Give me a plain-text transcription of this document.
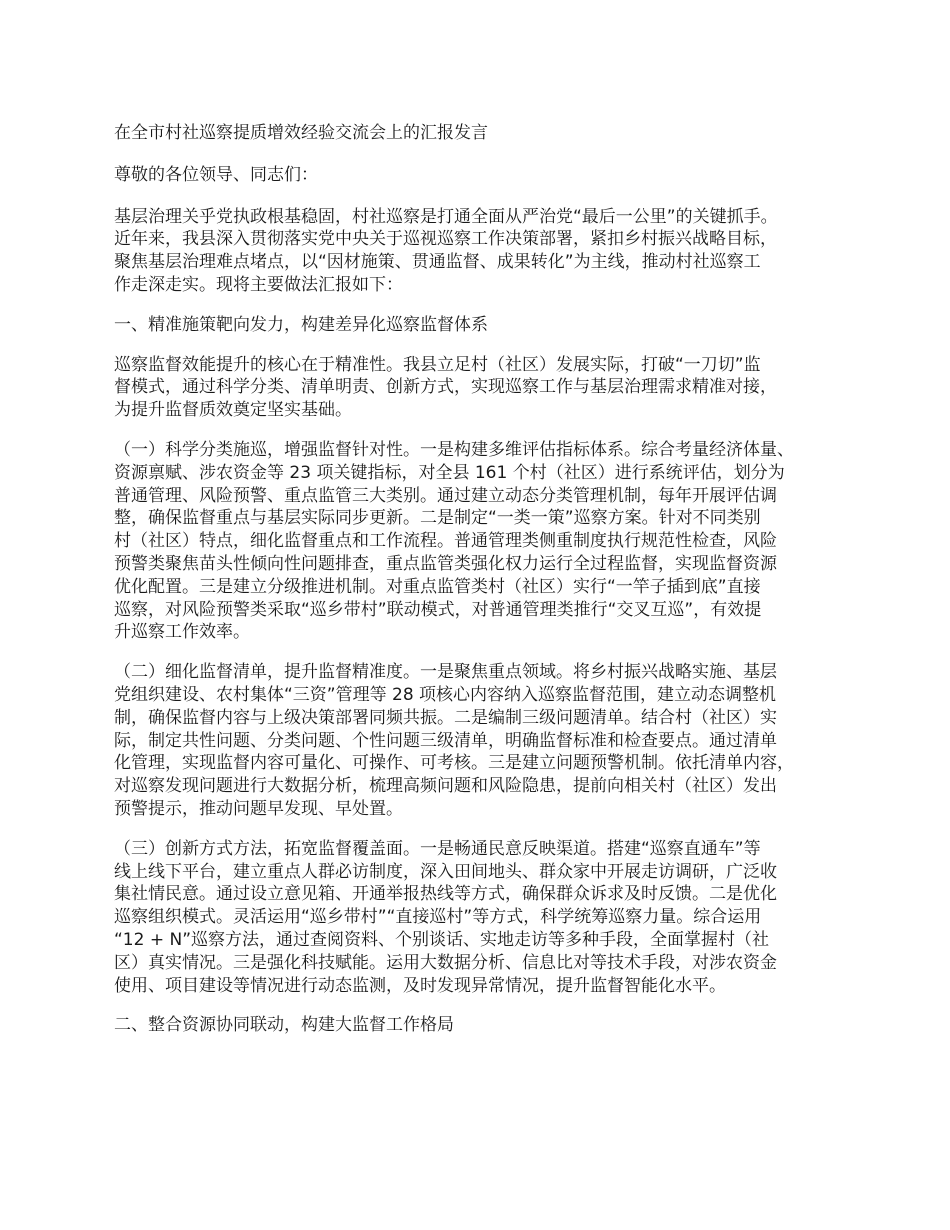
在全市村社巡察提质增效经验交流会上的汇报发言
尊敬的各位领导、同志们：
基层治理关乎党执政根基稳固，村社巡察是打通全面从严治党“最后一公里”的关键抓手。
近年来，我县深入贯彻落实党中央关于巡视巡察工作决策部署，紧扣乡村振兴战略目标，
聚焦基层治理难点堵点，以“因材施策、贯通监督、成果转化”为主线，推动村社巡察工
作走深走实。现将主要做法汇报如下：
一、精准施策靶向发力，构建差异化巡察监督体系
巡察监督效能提升的核心在于精准性。我县立足村（社区）发展实际，打破“一刀切”监
督模式，通过科学分类、清单明责、创新方式，实现巡察工作与基层治理需求精准对接，
为提升监督质效奠定坚实基础。
（一）科学分类施巡，增强监督针对性。一是构建多维评估指标体系。综合考量经济体量、
资源禀赋、涉农资金等 23 项关键指标，对全县 161 个村（社区）进行系统评估，划分为
普通管理、风险预警、重点监管三大类别。通过建立动态分类管理机制，每年开展评估调
整，确保监督重点与基层实际同步更新。二是制定“一类一策”巡察方案。针对不同类别
村（社区）特点，细化监督重点和工作流程。普通管理类侧重制度执行规范性检查，风险
预警类聚焦苗头性倾向性问题排查，重点监管类强化权力运行全过程监督，实现监督资源
优化配置。三是建立分级推进机制。对重点监管类村（社区）实行“一竿子插到底”直接
巡察，对风险预警类采取“巡乡带村”联动模式，对普通管理类推行“交叉互巡”，有效提
升巡察工作效率。
（二）细化监督清单，提升监督精准度。一是聚焦重点领域。将乡村振兴战略实施、基层
党组织建设、农村集体“三资”管理等 28 项核心内容纳入巡察监督范围，建立动态调整机
制，确保监督内容与上级决策部署同频共振。二是编制三级问题清单。结合村（社区）实
际，制定共性问题、分类问题、个性问题三级清单，明确监督标准和检查要点。通过清单
化管理，实现监督内容可量化、可操作、可考核。三是建立问题预警机制。依托清单内容，
对巡察发现问题进行大数据分析，梳理高频问题和风险隐患，提前向相关村（社区）发出
预警提示，推动问题早发现、早处置。
（三）创新方式方法，拓宽监督覆盖面。一是畅通民意反映渠道。搭建“巡察直通车”等
线上线下平台，建立重点人群必访制度，深入田间地头、群众家中开展走访调研，广泛收
集社情民意。通过设立意见箱、开通举报热线等方式，确保群众诉求及时反馈。二是优化
巡察组织模式。灵活运用“巡乡带村”“直接巡村”等方式，科学统筹巡察力量。综合运用
“12 + N”巡察方法，通过查阅资料、个别谈话、实地走访等多种手段，全面掌握村（社
区）真实情况。三是强化科技赋能。运用大数据分析、信息比对等技术手段，对涉农资金
使用、项目建设等情况进行动态监测，及时发现异常情况，提升监督智能化水平。
二、整合资源协同联动，构建大监督工作格局
